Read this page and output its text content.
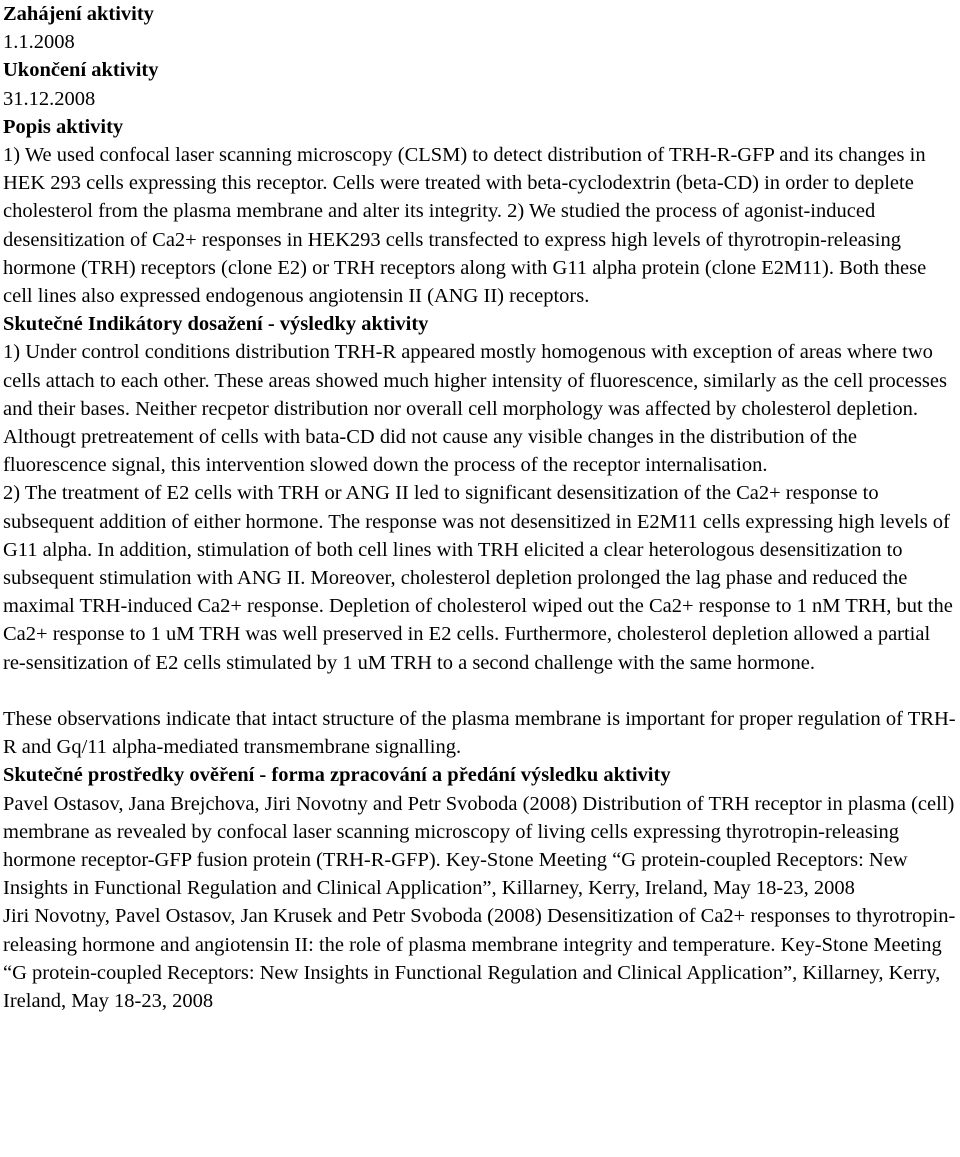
Zahájení aktivity
1.1.2008
Ukončení aktivity
31.12.2008
Popis aktivity

1) We used confocal laser scanning microscopy (CLSM) to detect distribution of TRH-R-GFP and its changes in HEK 293 cells expressing this receptor. Cells were treated with beta-cyclodextrin (beta-CD) in order to deplete cholesterol from the plasma membrane and alter its integrity. 2) We studied the process of agonist-induced desensitization of Ca2+ responses in HEK293 cells transfected to express high levels of thyrotropin-releasing hormone (TRH) receptors (clone E2) or TRH receptors along with G11 alpha protein (clone E2M11). Both these cell lines also expressed endogenous angiotensin II (ANG II) receptors.

Skutečné Indikátory dosažení - výsledky aktivity

1) Under control conditions distribution TRH-R appeared mostly homogenous with exception of areas where two cells attach to each other. These areas showed much higher intensity of fluorescence, similarly as the cell processes and their bases. Neither recpetor distribution nor overall cell morphology was affected by cholesterol depletion. Althougt pretreatement of cells with bata-CD did not cause any visible changes in the distribution of the fluorescence signal, this intervention slowed down the process of the receptor internalisation.

2) The treatment of E2 cells with TRH or ANG II led to significant desensitization of the Ca2+ response to subsequent addition of either hormone. The response was not desensitized in E2M11 cells expressing high levels of G11 alpha. In addition, stimulation of both cell lines with TRH elicited a clear heterologous desensitization to subsequent stimulation with ANG II. Moreover, cholesterol depletion prolonged the lag phase and reduced the maximal TRH-induced Ca2+ response. Depletion of cholesterol wiped out the Ca2+ response to 1 nM TRH, but the Ca2+ response to 1 uM TRH was well preserved in E2 cells. Furthermore, cholesterol depletion allowed a partial re-sensitization of E2 cells stimulated by 1 uM TRH to a second challenge with the same hormone.

These observations indicate that intact structure of the plasma membrane is important for proper regulation of TRH-R and Gq/11 alpha-mediated transmembrane signalling.

Skutečné prostředky ověření - forma zpracování a předání výsledku aktivity

Pavel Ostasov, Jana Brejchova, Jiri Novotny and Petr Svoboda (2008) Distribution of TRH receptor in plasma (cell) membrane as revealed by confocal laser scanning microscopy of living cells expressing thyrotropin-releasing hormone receptor-GFP fusion protein (TRH-R-GFP). Key-Stone Meeting “G protein-coupled Receptors: New Insights in Functional Regulation and Clinical Application”, Killarney, Kerry, Ireland, May 18-23, 2008

Jiri Novotny, Pavel Ostasov, Jan Krusek and Petr Svoboda (2008) Desensitization of Ca2+ responses to thyrotropin-releasing hormone and angiotensin II: the role of plasma membrane integrity and temperature. Key-Stone Meeting “G protein-coupled Receptors: New Insights in Functional Regulation and Clinical Application”, Killarney, Kerry, Ireland, May 18-23, 2008
